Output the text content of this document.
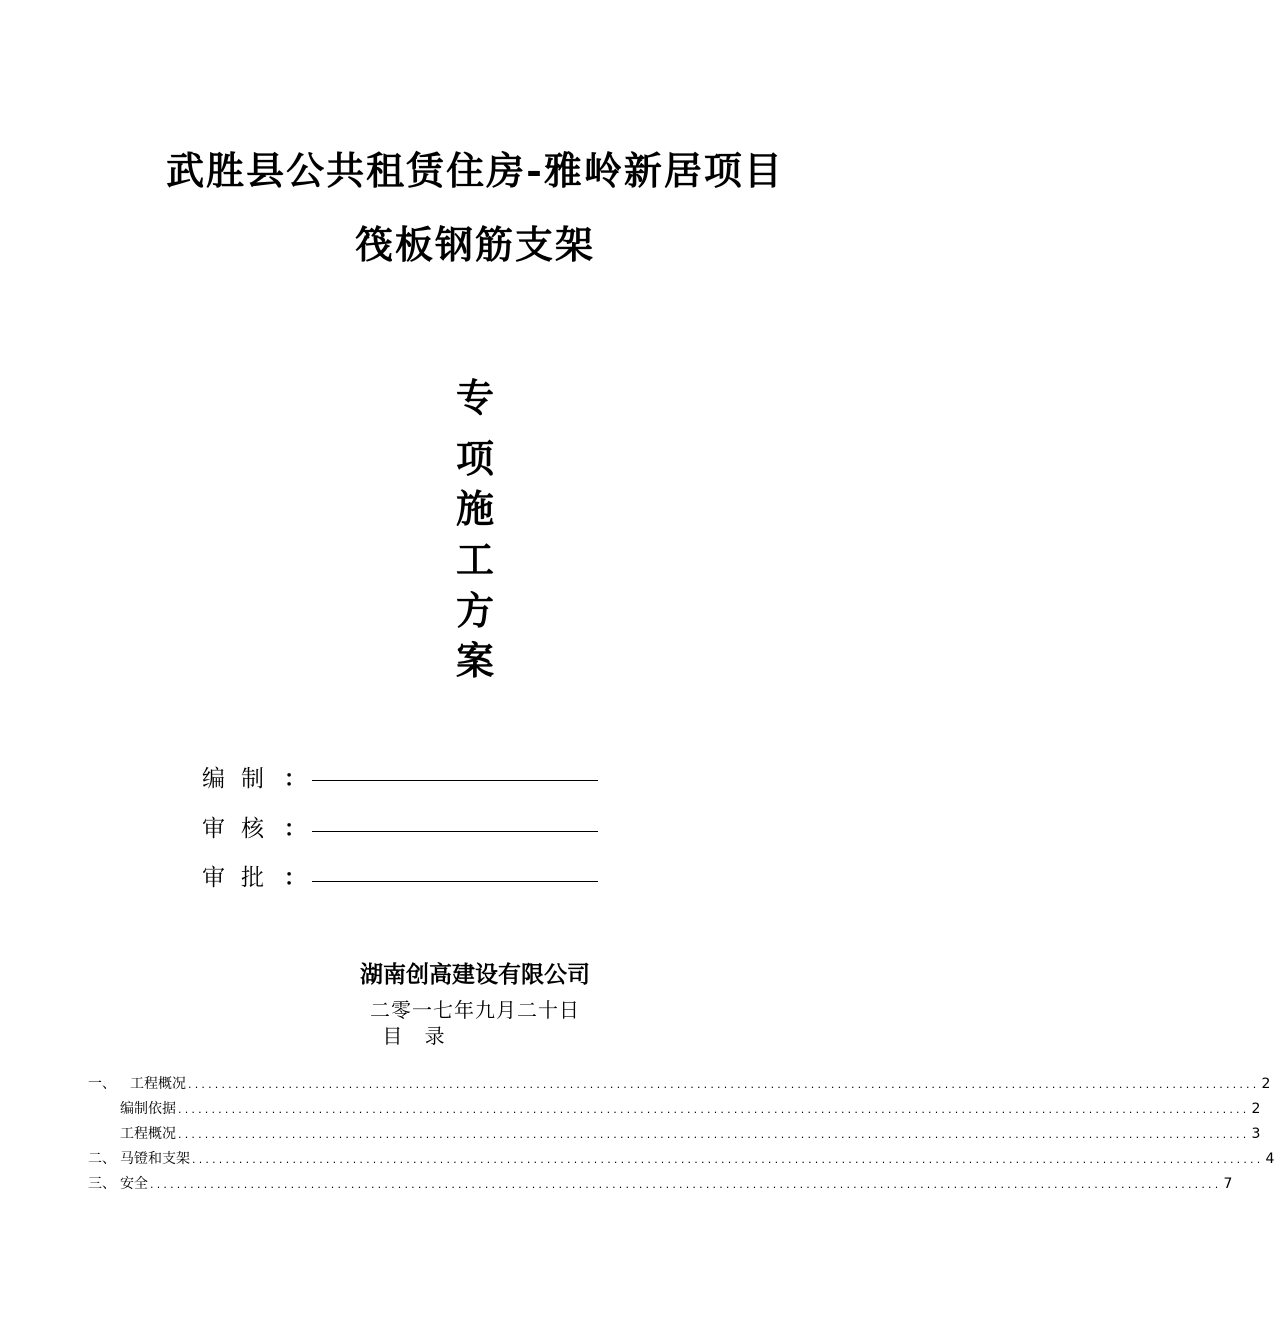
武胜县公共租赁住房-雅岭新居项目
筏板钢筋支架
专
项
施
工
方
案
编 制 ：
审 核 ：
审 批 ：
湖南创高建设有限公司
二零一七年九月二十日
目 录
一、	工程概况 ................................................................................................................................................................ 2
编制依据 ................................................................................................................................................................ 2
工程概况 ................................................................................................................................................................ 3
二、 马镫和支架 ................................................................................................................................................................ 4
三、 安全 ................................................................................................................................................................ 7
